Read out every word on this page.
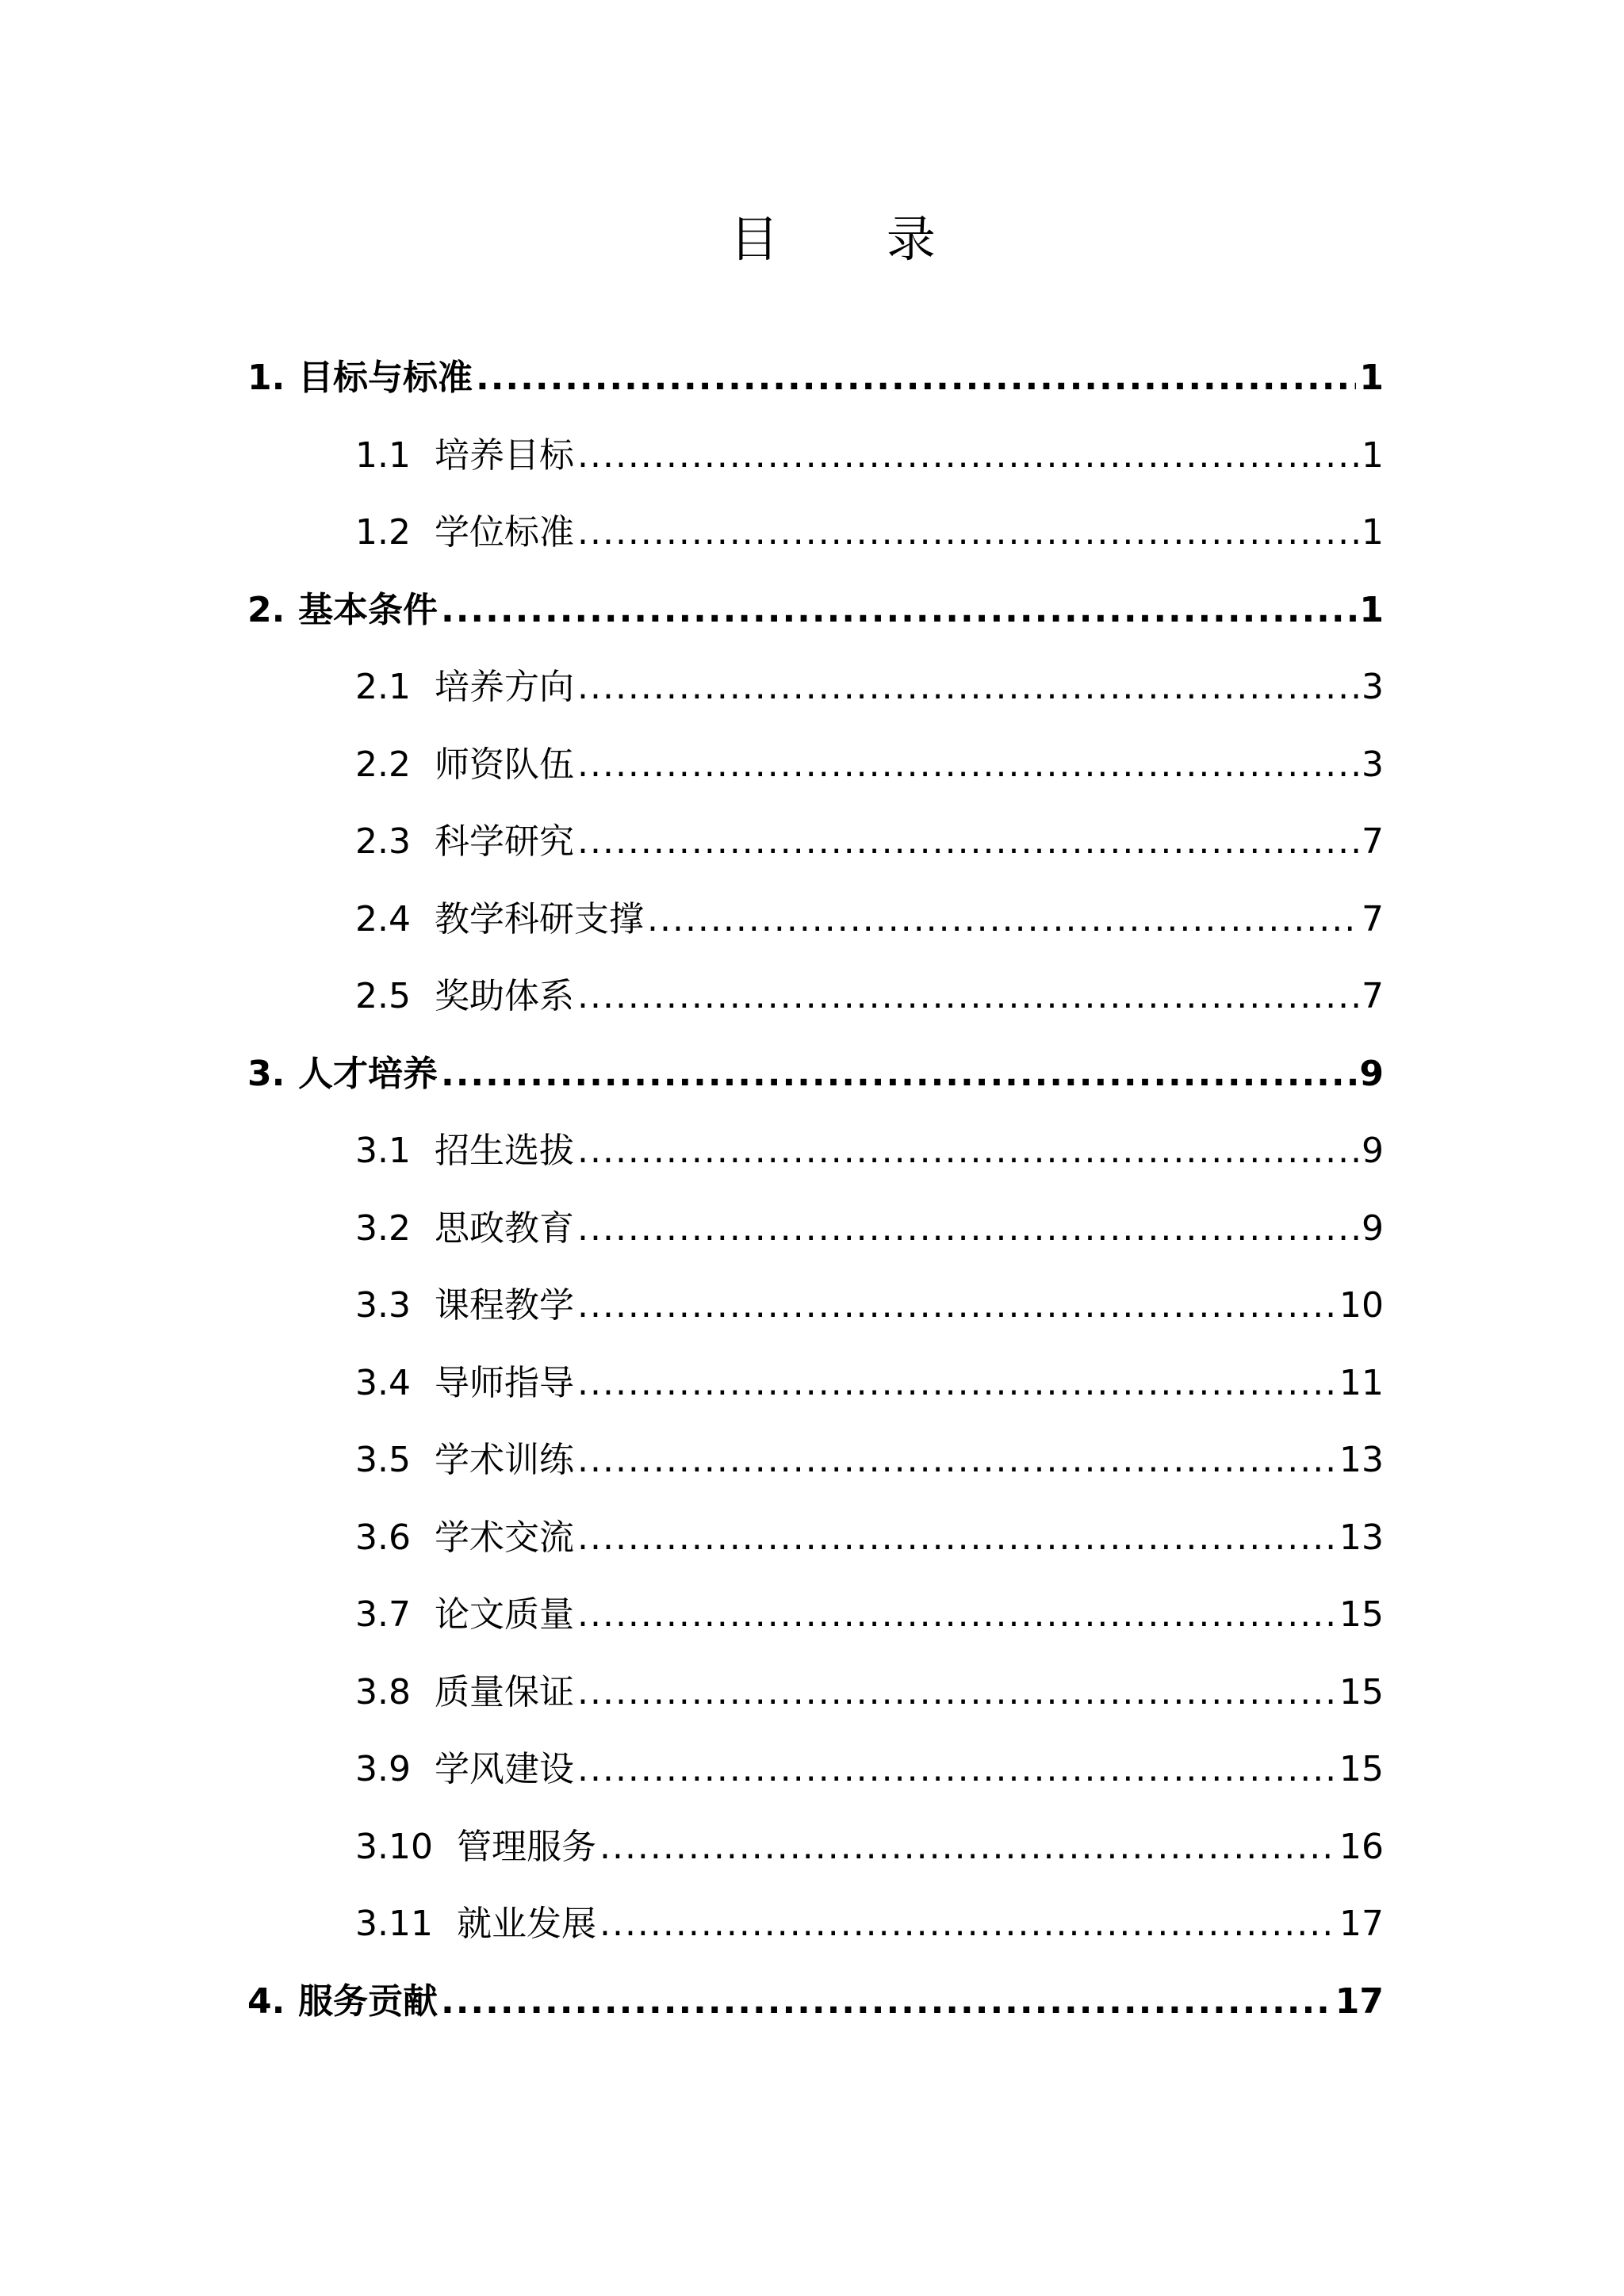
目 录
1. 目标与标准 .....	1
1.1 培养目标 .....	1
1.2 学位标准 .....	1
2. 基本条件 .....	1
2.1 培养方向 .....	3
2.2 师资队伍 .....	3
2.3 科学研究 .....	7
2.4 教学科研支撑 .....	7
2.5 奖助体系 .....	7
3. 人才培养 .....	9
3.1 招生选拔 .....	9
3.2 思政教育 .....	9
3.3 课程教学 .....	10
3.4 导师指导 .....	11
3.5 学术训练 .....	13
3.6 学术交流 .....	13
3.7 论文质量 .....	15
3.8 质量保证 .....	15
3.9 学风建设 .....	15
3.10 管理服务 .....	16
3.11 就业发展 .....	17
4. 服务贡献 .....	17
